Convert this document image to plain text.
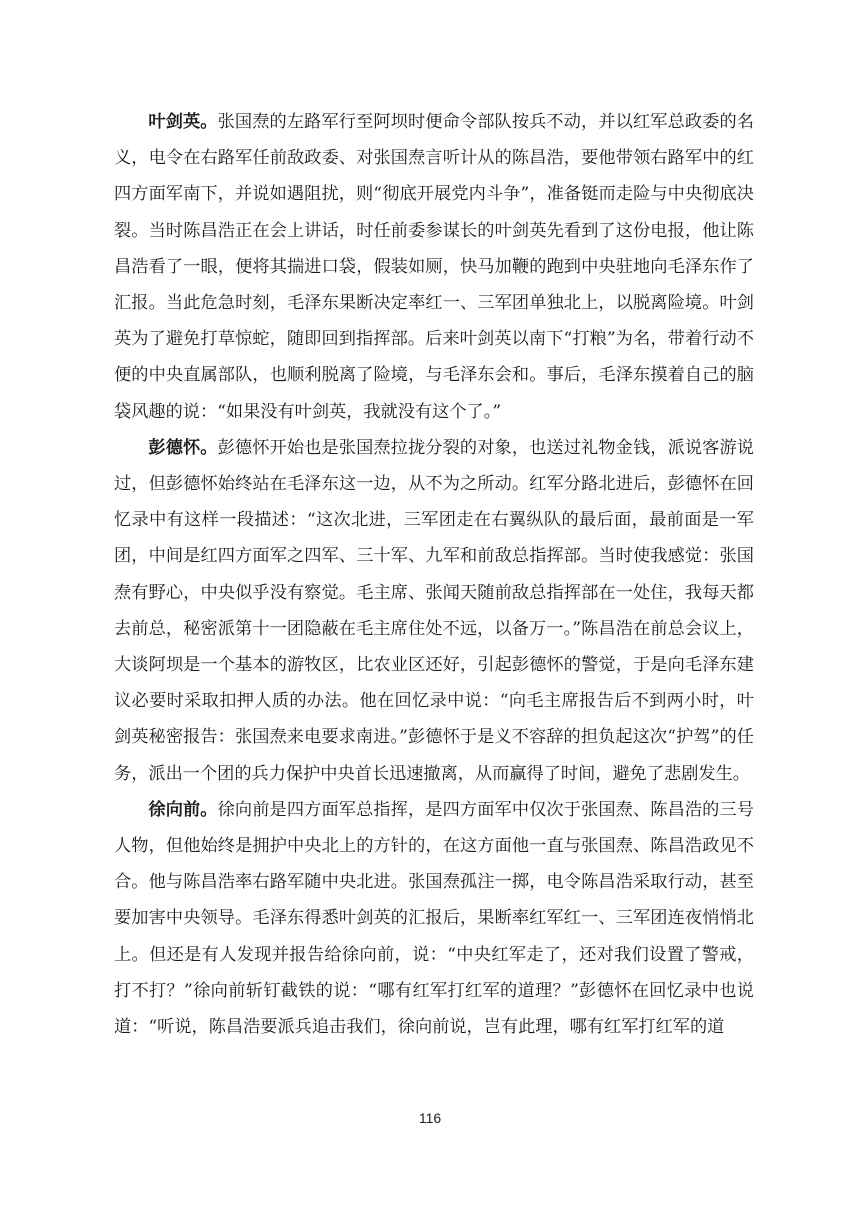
叶剑英。张国焘的左路军行至阿坝时便命令部队按兵不动，并以红军总政委的名义，电令在右路军任前敌政委、对张国焘言听计从的陈昌浩，要他带领右路军中的红四方面军南下，并说如遇阻扰，则“彻底开展党内斗争”，准备铤而走险与中央彻底决裂。当时陈昌浩正在会上讲话，时任前委参谋长的叶剑英先看到了这份电报，他让陈昌浩看了一眼，便将其揣进口袋，假装如厕，快马加鞭的跑到中央驻地向毛泽东作了汇报。当此危急时刻，毛泽东果断决定率红一、三军团单独北上，以脱离险境。叶剑英为了避免打草惊蛇，随即回到指挥部。后来叶剑英以南下“打粮”为名，带着行动不便的中央直属部队，也顺利脱离了险境，与毛泽东会和。事后，毛泽东摸着自己的脑袋风趣的说：“如果没有叶剑英，我就没有这个了。”

彭德怀。彭德怀开始也是张国焘拉拢分裂的对象，也送过礼物金钱，派说客游说过，但彭德怀始终站在毛泽东这一边，从不为之所动。红军分路北进后，彭德怀在回忆录中有这样一段描述：“这次北进，三军团走在右翼纵队的最后面，最前面是一军团，中间是红四方面军之四军、三十军、九军和前敌总指挥部。当时使我感觉：张国焘有野心，中央似乎没有察觉。毛主席、张闻天随前敌总指挥部在一处住，我每天都去前总，秘密派第十一团隐蔽在毛主席住处不远，以备万一。”陈昌浩在前总会议上，大谈阿坝是一个基本的游牧区，比农业区还好，引起彭德怀的警觉，于是向毛泽东建议必要时采取扣押人质的办法。他在回忆录中说：“向毛主席报告后不到两小时，叶剑英秘密报告：张国焘来电要求南进。”彭德怀于是义不容辞的担负起这次“护驾”的任务，派出一个团的兵力保护中央首长迅速撤离，从而赢得了时间，避免了悲剧发生。

徐向前。徐向前是四方面军总指挥，是四方面军中仅次于张国焘、陈昌浩的三号人物，但他始终是拥护中央北上的方针的，在这方面他一直与张国焘、陈昌浩政见不合。他与陈昌浩率右路军随中央北进。张国焘孤注一掷，电令陈昌浩采取行动，甚至要加害中央领导。毛泽东得悉叶剑英的汇报后，果断率红军红一、三军团连夜悄悄北上。但还是有人发现并报告给徐向前，说：“中央红军走了，还对我们设置了警戒，打不打？”徐向前斩钉截铁的说：“哪有红军打红军的道理？”彭德怀在回忆录中也说道：“听说，陈昌浩要派兵追击我们，徐向前说，岂有此理，哪有红军打红军的道

116
